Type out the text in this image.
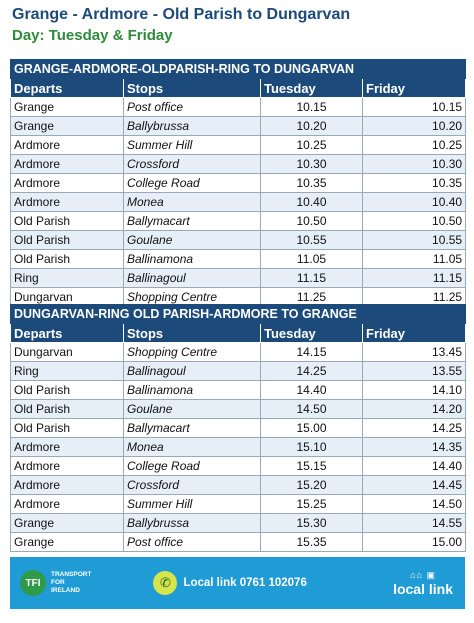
Grange - Ardmore - Old Parish to Dungarvan
Day: Tuesday & Friday
GRANGE-ARDMORE-OLDPARISH-RING TO DUNGARVAN			
Departs	Stops	Tuesday	Friday
Grange	Post office	10.15	10.15
Grange	Ballybrussa	10.20	10.20
Ardmore	Summer Hill	10.25	10.25
Ardmore	Crossford	10.30	10.30
Ardmore	College Road	10.35	10.35
Ardmore	Monea	10.40	10.40
Old Parish	Ballymacart	10.50	10.50
Old Parish	Goulane	10.55	10.55
Old Parish	Ballinamona	11.05	11.05
Ring	Ballinagoul	11.15	11.15
Dungarvan	Shopping Centre	11.25	11.25
DUNGARVAN-RING OLD PARISH-ARDMORE TO GRANGE			
Departs	Stops	Tuesday	Friday
Dungarvan	Shopping Centre	14.15	13.45
Ring	Ballinagoul	14.25	13.55
Old Parish	Ballinamona	14.40	14.10
Old Parish	Goulane	14.50	14.20
Old Parish	Ballymacart	15.00	14.25
Ardmore	Monea	15.10	14.35
Ardmore	College Road	15.15	14.40
Ardmore	Crossford	15.20	14.45
Ardmore	Summer Hill	15.25	14.50
Grange	Ballybrussa	15.30	14.55
Grange	Post office	15.35	15.00
TFI
TRANSPORT
FOR
IRELAND
✆	Local link 0761 102076
⌂⌂ ▣
local link
